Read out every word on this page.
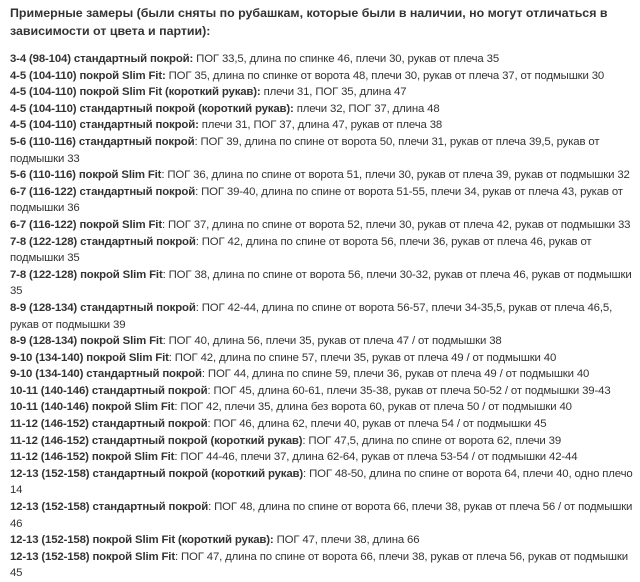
Примерные замеры (были сняты по рубашкам, которые были в наличии, но могут отличаться в зависимости от цвета и партии):
3-4 (98-104) стандартный покрой: ПОГ 33,5, длина по спинке 46, плечи 30, рукав от плеча 35
4-5 (104-110) покрой Slim Fit: ПОГ 35, длина по спинке от ворота 48, плечи 30, рукав от плеча 37, от подмышки 30
4-5 (104-110) покрой Slim Fit (короткий рукав): плечи 31, ПОГ 35, длина 47
4-5 (104-110) стандартный покрой (короткий рукав): плечи 32, ПОГ 37, длина 48
4-5 (104-110) стандартный покрой: плечи 31, ПОГ 37, длина 47, рукав от плеча 38
5-6 (110-116) стандартный покрой: ПОГ 39, длина по спине от ворота 50, плечи 31, рукав от плеча 39,5, рукав от подмышки 33
5-6 (110-116) покрой Slim Fit: ПОГ 36, длина по спине от ворота 51, плечи 30, рукав от плеча 39, рукав от подмышки 32
6-7 (116-122) стандартный покрой: ПОГ 39-40, длина по спине от ворота 51-55, плечи 34, рукав от плеча 43, рукав от подмышки 36
6-7 (116-122) покрой Slim Fit: ПОГ 37, длина по спине от ворота 52, плечи 30, рукав от плеча 42, рукав от подмышки 33
7-8 (122-128) стандартный покрой: ПОГ 42, длина по спине от ворота 56, плечи 36, рукав от плеча 46, рукав от подмышки 35
7-8 (122-128) покрой Slim Fit: ПОГ 38, длина по спине от ворота 56, плечи 30-32, рукав от плеча 46, рукав от подмышки 35
8-9 (128-134) стандартный покрой: ПОГ 42-44, длина по спине от ворота 56-57, плечи 34-35,5, рукав от плеча 46,5, рукав от подмышки 39
8-9 (128-134) покрой Slim Fit: ПОГ 40, длина 56, плечи 35, рукав от плеча 47 / от подмышки 38
9-10 (134-140) покрой Slim Fit: ПОГ 42, длина по спине 57, плечи 35, рукав от плеча 49 / от подмышки 40
9-10 (134-140) стандартный покрой: ПОГ 44, длина по спине 59, плечи 36, рукав от плеча 49 / от подмышки 40
10-11 (140-146) стандартный покрой: ПОГ 45, длина 60-61, плечи 35-38, рукав от плеча 50-52 / от подмышки 39-43
10-11 (140-146) покрой Slim Fit: ПОГ 42, плечи 35, длина без ворота 60, рукав от плеча 50 / от подмышки 40
11-12 (146-152) стандартный покрой: ПОГ 46, длина 62, плечи 40, рукав от плеча 54 / от подмышки 45
11-12 (146-152) стандартный покрой (короткий рукав): ПОГ 47,5, длина по спине от ворота 62, плечи 39
11-12 (146-152) покрой Slim Fit: ПОГ 44-46, плечи 37, длина 62-64, рукав от плеча 53-54 / от подмышки 42-44
12-13 (152-158) стандартный покрой (короткий рукав): ПОГ 48-50, длина по спине от ворота 64, плечи 40, одно плечо 14
12-13 (152-158) стандартный покрой: ПОГ 48, длина по спине от ворота 66, плечи 38, рукав от плеча 56 / от подмышки 46
12-13 (152-158) покрой Slim Fit (короткий рукав): ПОГ 47, плечи 38, длина 66
12-13 (152-158) покрой Slim Fit: ПОГ 47, длина по спине от ворота 66, плечи 38, рукав от плеча 56, рукав от подмышки 45
